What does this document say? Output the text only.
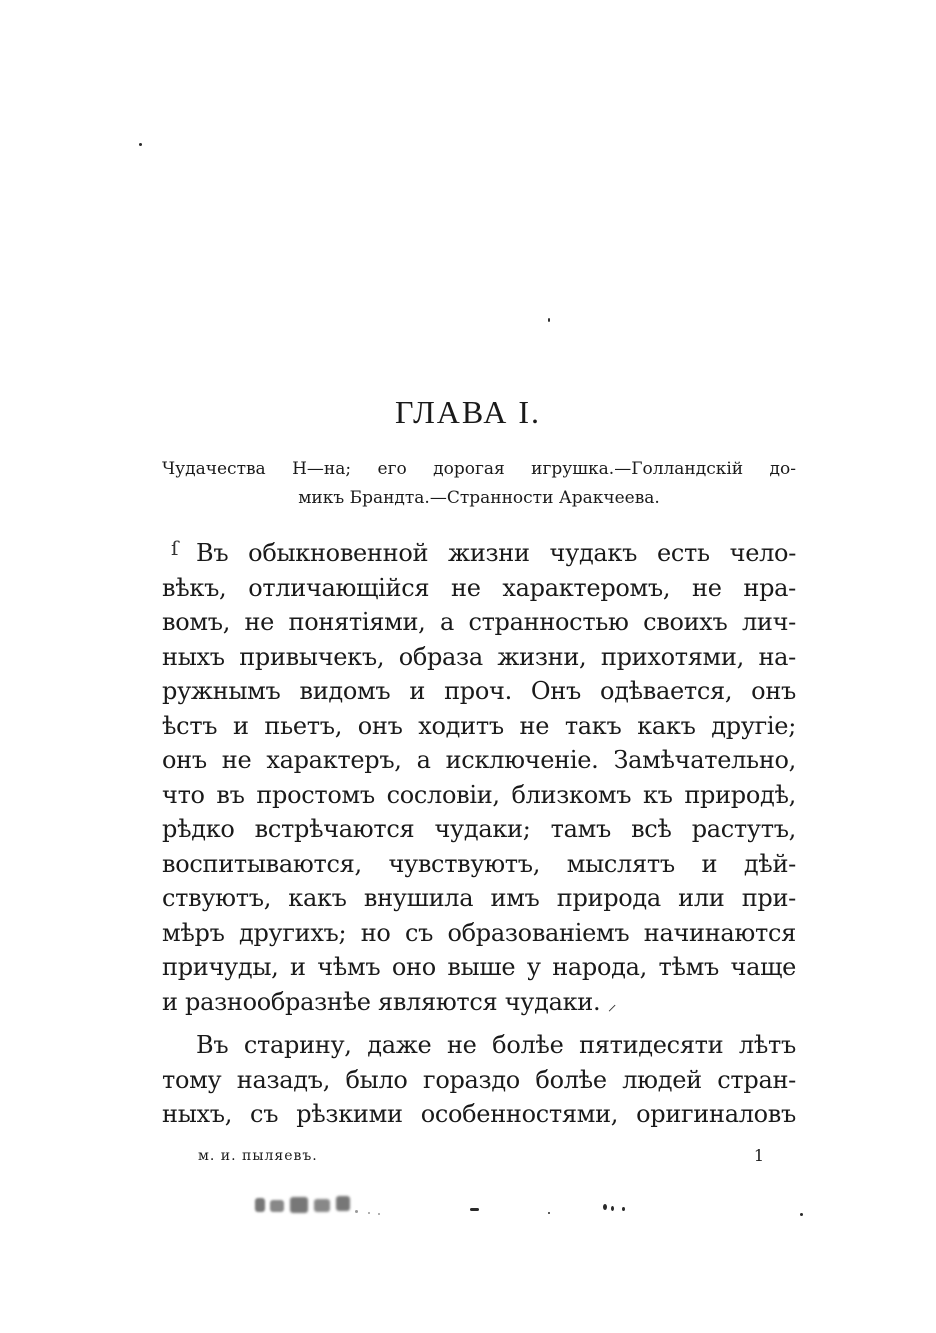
ГЛАВА I.
Чудачества Н—на; его дорогая игрушка.—Голландскій до-
микъ Брандта.—Странности Аракчеева.
ſ Въ обыкновенной жизни чудакъ есть чело-
вѣкъ, отличающійся не характеромъ, не нра-
вомъ, не понятіями, а странностью своихъ лич-
ныхъ привычекъ, образа жизни, прихотями, на-
ружнымъ видомъ и проч. Онъ одѣвается, онъ
ѣстъ и пьетъ, онъ ходитъ не такъ какъ другіе;
онъ не характеръ, а исключеніе. Замѣчательно,
что въ простомъ сословіи, близкомъ къ природѣ,
рѣдко встрѣчаются чудаки; тамъ всѣ растутъ,
воспитываются, чувствуютъ, мыслятъ и дѣй-
ствуютъ, какъ внушила имъ природа или при-
мѣръ другихъ; но съ образованіемъ начинаются
причуды, и чѣмъ оно выше у народа, тѣмъ чаще
и разнообразнѣе являются чудаки. ⸝
Въ старину, даже не болѣе пятидесяти лѣтъ
тому назадъ, было гораздо болѣе людей стран-
ныхъ, съ рѣзкими особенностями, оригиналовъ
м. и. пыляевъ.	1
